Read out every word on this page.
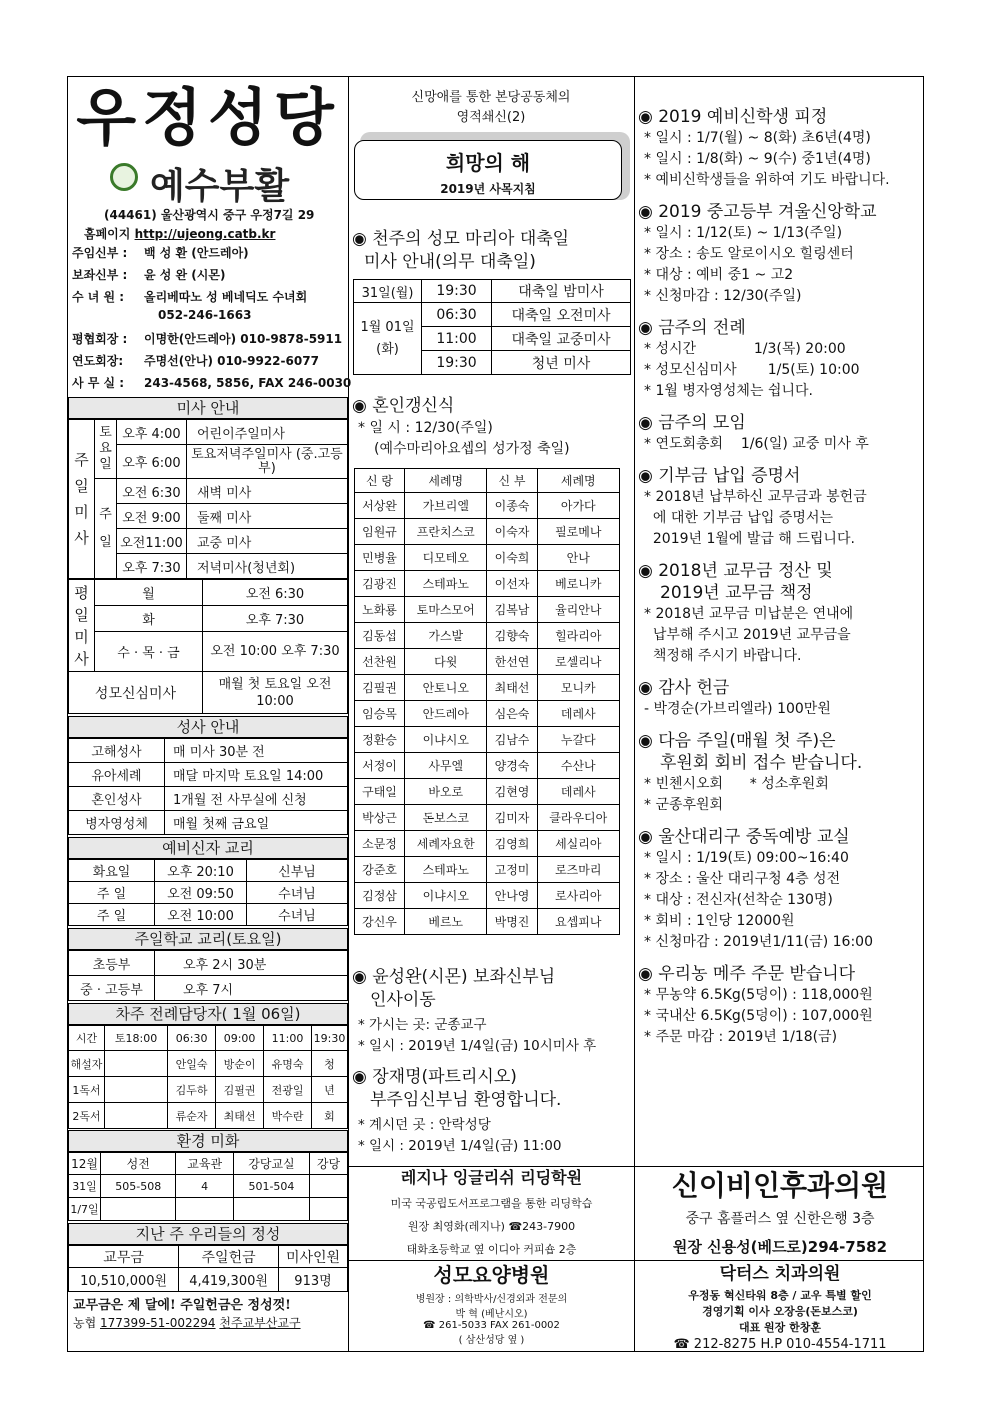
우정성당
예수부활
(44461) 울산광역시 중구 우정7길 29
홈페이지 http://ujeong.catb.kr
주임신부 : 백 성 환 (안드레아)
보좌신부 : 윤 성 완 (시몬)
수 녀 원 : 올리베따노 성 베네딕도 수녀회
052-246-1663
평협회장 : 이명한(안드레아) 010-9878-5911
연도회장: 주명선(안나) 010-9922-6077
사 무 실 : 243-4568, 5856, FAX 246-0030
미사 안내
주일미사	토요일	오후 4:00	어린이주일미사
		오후 6:00	토요저녁주일미사 (중.고등부)
	주일	오전 6:30	새벽 미사
		오전 9:00	둘째 미사
		오전11:00	교중 미사
		오후 7:30	저녁미사(청년회)
평일미사	월	오전 6:30
	화	오후 7:30
	수 · 목 · 금	오전 10:00 오후 7:30
성모신심미사		매월 첫 토요일 오전 10:00
성사 안내
고해성사	매 미사 30분 전
유아세례	매달 마지막 토요일 14:00
혼인성사	1개월 전 사무실에 신청
병자영성체	매월 첫째 금요일
예비신자 교리
화요일	오후 20:10	신부님
주 일	오전 09:50	수녀님
주 일	오전 10:00	수녀님
주일학교 교리(토요일)
초등부	오후 2시 30분
중 · 고등부	오후 7시
차주 전례담당자( 1월 06일)
시간	토18:00	06:30	09:00	11:00	19:30
해설자		안일숙	방순이	유명숙	청
1독서		김두하	김필권	전광일	년
2독서		류순자	최태선	박수란	회
환경 미화
12월	성전	교육관	강당교실	강당
31일	505-508	4	501-504	
1/7일				
지난 주 우리들의 정성
교무금	주일헌금	미사인원
10,510,000원	4,419,300원	913명
교무금은 제 달에! 주일헌금은 정성껏!
농협 177399-51-002294 천주교부산교구
신망애를 통한 본당공동체의
영적쇄신(2)
희망의 해
2019년 사목지침
◉ 천주의 성모 마리아 대축일
미사 안내(의무 대축일)
31일(월)	19:30	대축일 밤미사
1월 01일(화)	06:30	대축일 오전미사
	11:00	대축일 교중미사
	19:30	청년 미사
◉ 혼인갱신식
* 일 시 : 12/30(주일)
(예수마리아요셉의 성가정 축일)
신 랑	세례명	신 부	세례명
서상완	가브리엘	이종숙	아가다
임원규	프란치스코	이숙자	필로메나
민병율	디모테오	이숙희	안나
김광진	스테파노	이선자	베로니카
노화룡	토마스모어	김복남	율리안나
김동섭	가스발	김향숙	힐라리아
선찬원	다윗	한선연	로셀리나
김필권	안토니오	최태선	모니카
임승목	안드레아	심은숙	데레사
정환승	이냐시오	김남수	누갈다
서정이	사무엘	양경숙	수산나
구태일	바오로	김현영	데레사
박상근	돈보스코	김미자	클라우디아
소문정	세례자요한	김영희	세실리아
강준호	스테파노	고정미	로즈마리
김정삼	이냐시오	안나영	로사리아
강신우	베르노	박명진	요셉피나
◉ 윤성완(시몬) 보좌신부님
인사이동
* 가시는 곳: 군종교구
* 일시 : 2019년 1/4일(금) 10시미사 후
◉ 장재명(파트리시오)
부주임신부님 환영합니다.
* 계시던 곳 : 안락성당
* 일시 : 2019년 1/4일(금) 11:00
◉ 2019 예비신학생 피정
* 일시 : 1/7(월) ~ 8(화) 초6년(4명)
* 일시 : 1/8(화) ~ 9(수) 중1년(4명)
* 예비신학생들을 위하여 기도 바랍니다.
◉ 2019 중고등부 겨울신앙학교
* 일시 : 1/12(토) ~ 1/13(주일)
* 장소 : 송도 알로이시오 힐링센터
* 대상 : 예비 중1 ~ 고2
* 신청마감 : 12/30(주일)
◉ 금주의 전례
* 성시간             1/3(목) 20:00
* 성모신심미사       1/5(토) 10:00
* 1월 병자영성체는 쉽니다.
◉ 금주의 모임
* 연도회총회    1/6(일) 교중 미사 후
◉ 기부금 납입 증명서
* 2018년 납부하신 교무금과 봉헌금
에 대한 기부금 납입 증명서는
2019년 1월에 발급 해 드립니다.
◉ 2018년 교무금 정산 및
2019년 교무금 책정
* 2018년 교무금 미납분은 연내에
납부해 주시고 2019년 교무금을
책정해 주시기 바랍니다.
◉ 감사 헌금
- 박경순(가브리엘라) 100만원
◉ 다음 주일(매월 첫 주)은
후원회 회비 접수 받습니다.
* 빈첸시오회      * 성소후원회
* 군종후원회
◉ 울산대리구 중독예방 교실
* 일시 : 1/19(토) 09:00~16:40
* 장소 : 울산 대리구청 4층 성전
* 대상 : 전신자(선착순 130명)
* 회비 : 1인당 12000원
* 신청마감 : 2019년1/11(금) 16:00
◉ 우리농 메주 주문 받습니다
* 무농약 6.5Kg(5덩이) : 118,000원
* 국내산 6.5Kg(5덩이) : 107,000원
* 주문 마감 : 2019년 1/18(금)
레지나 잉글리쉬 리딩학원
미국 국공립도서프로그램을 통한 리딩학습
원장 최영화(레지나) ☎243-7900
태화초등학교 옆 이디아 커피숍 2층
신이비인후과의원
중구 홈플러스 옆 신한은행 3층
원장 신용성(베드로)294-7582
성모요양병원
병원장 : 의학박사/신경외과 전문의
박 혁 (베난시오)
☎ 261-5033 FAX 261-0002
( 삼산성당 옆 )
닥터스 치과의원
우정동 혁신타워 8층 / 교우 특별 할인
경영기획 이사 오장응(돈보스코)
대표 원장 한창훈
☎ 212-8275 H.P 010-4554-1711
